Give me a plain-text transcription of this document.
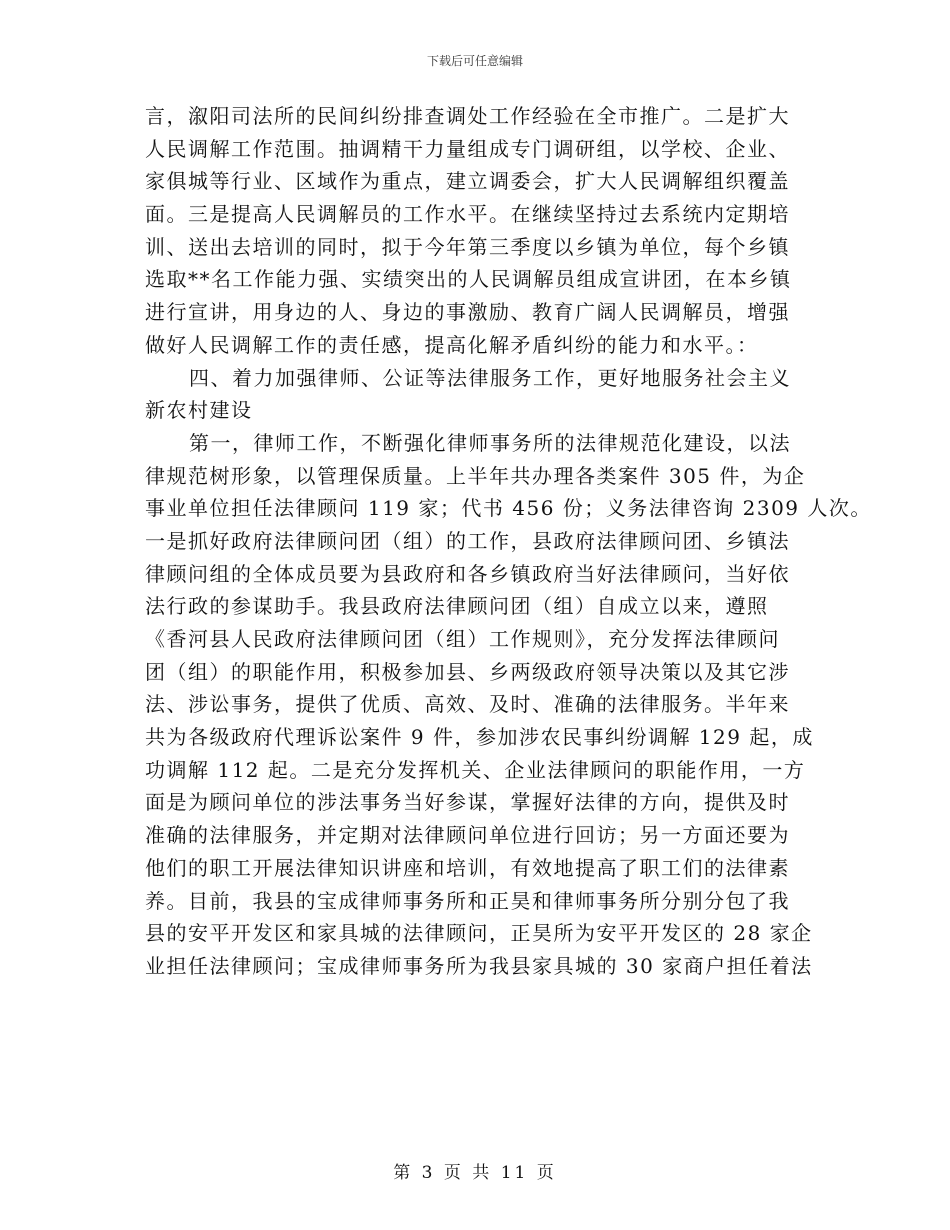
下载后可任意编辑
言，溆阳司法所的民间纠纷排查调处工作经验在全市推广。二是扩大
人民调解工作范围。抽调精干力量组成专门调研组，以学校、企业、
家俱城等行业、区域作为重点，建立调委会，扩大人民调解组织覆盖
面。三是提高人民调解员的工作水平。在继续坚持过去系统内定期培
训、送出去培训的同时，拟于今年第三季度以乡镇为单位，每个乡镇
选取**名工作能力强、实绩突出的人民调解员组成宣讲团，在本乡镇
进行宣讲，用身边的人、身边的事激励、教育广阔人民调解员，增强
做好人民调解工作的责任感，提高化解矛盾纠纷的能力和水平。：
四、着力加强律师、公证等法律服务工作，更好地服务社会主义
新农村建设
第一，律师工作，不断强化律师事务所的法律规范化建设，以法
律规范树形象，以管理保质量。上半年共办理各类案件 305 件，为企
事业单位担任法律顾问 119 家；代书 456 份；义务法律咨询 2309 人次。
一是抓好政府法律顾问团（组）的工作，县政府法律顾问团、乡镇法
律顾问组的全体成员要为县政府和各乡镇政府当好法律顾问，当好依
法行政的参谋助手。我县政府法律顾问团（组）自成立以来，遵照
《香河县人民政府法律顾问团（组）工作规则》，充分发挥法律顾问
团（组）的职能作用，积极参加县、乡两级政府领导决策以及其它涉
法、涉讼事务，提供了优质、高效、及时、准确的法律服务。半年来
共为各级政府代理诉讼案件 9 件，参加涉农民事纠纷调解 129 起，成
功调解 112 起。二是充分发挥机关、企业法律顾问的职能作用，一方
面是为顾问单位的涉法事务当好参谋，掌握好法律的方向，提供及时
准确的法律服务，并定期对法律顾问单位进行回访；另一方面还要为
他们的职工开展法律知识讲座和培训，有效地提高了职工们的法律素
养。目前，我县的宝成律师事务所和正昊和律师事务所分别分包了我
县的安平开发区和家具城的法律顾问，正昊所为安平开发区的 28 家企
业担任法律顾问；宝成律师事务所为我县家具城的 30 家商户担任着法
第 3 页 共 11 页
